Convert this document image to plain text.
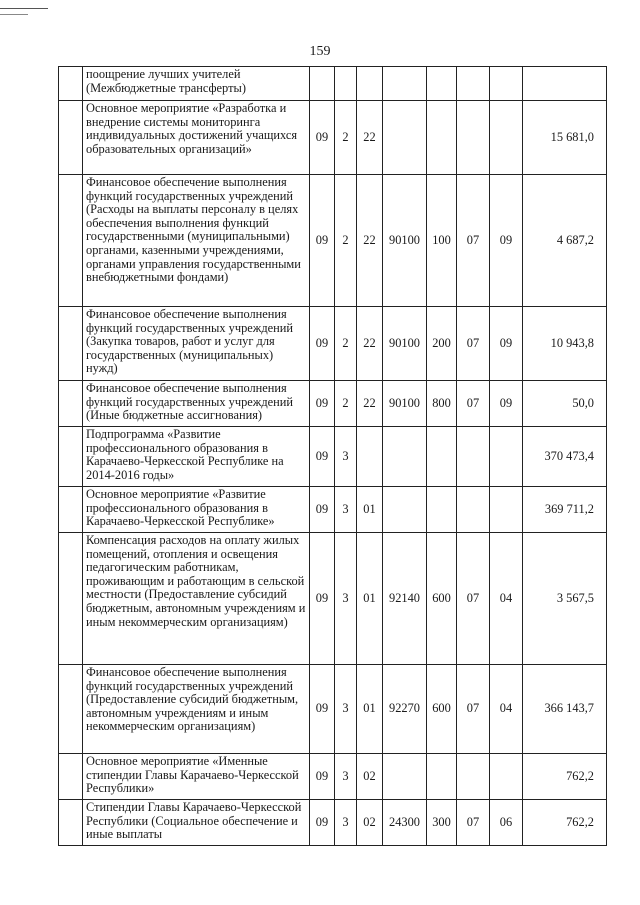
159
	поощрение лучших учителей (Межбюджетные трансферты)								
	Основное мероприятие «Разработка и внедрение системы мониторинга индивидуальных достижений учащихся образовательных организаций»	09	2	22					15 681,0
	Финансовое обеспечение выполнения функций государственных учреждений (Расходы на выплаты персоналу в целях обеспечения выполнения функций государственными (муниципальными) органами, казенными учреждениями, органами управления государственными внебюджетными фондами)	09	2	22	90100	100	07	09	4 687,2
	Финансовое обеспечение выполнения функций государственных учреждений (Закупка товаров, работ и услуг для государственных (муниципальных) нужд)	09	2	22	90100	200	07	09	10 943,8
	Финансовое обеспечение выполнения функций государственных учреждений (Иные бюджетные ассигнования)	09	2	22	90100	800	07	09	50,0
	Подпрограмма «Развитие профессионального образования в Карачаево-Черкесской Республике на 2014-2016 годы»	09	3						370 473,4
	Основное мероприятие «Развитие профессионального образования в Карачаево-Черкесской Республике»	09	3	01					369 711,2
	Компенсация расходов на оплату жилых помещений, отопления и освещения педагогическим работникам, проживающим и работающим в сельской местности (Предоставление субсидий бюджетным, автономным учреждениям и иным некоммерческим организациям)	09	3	01	92140	600	07	04	3 567,5
	Финансовое обеспечение выполнения функций государственных учреждений (Предоставление субсидий бюджетным, автономным учреждениям и иным некоммерческим организациям)	09	3	01	92270	600	07	04	366 143,7
	Основное мероприятие «Именные стипендии Главы Карачаево-Черкесской Республики»	09	3	02					762,2
	Стипендии Главы Карачаево-Черкесской Республики (Социальное обеспечение и иные выплаты	09	3	02	24300	300	07	06	762,2
